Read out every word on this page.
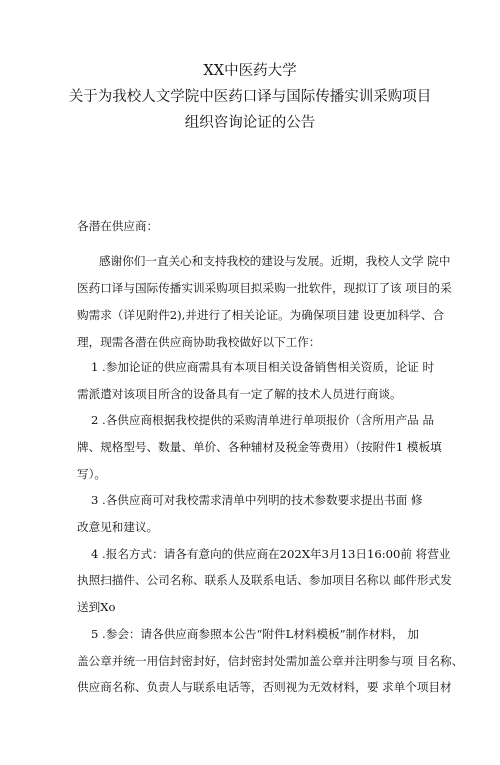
XX中医药大学
关于为我校人文学院中医药口译与国际传播实训采购项目
组织咨询论证的公告
各潜在供应商：
感谢你们一直关心和支持我校的建设与发展。近期，我校人文学 院中
医药口译与国际传播实训采购项目拟采购一批软件，现拟订了该 项目的采
购需求（详见附件2),并进行了相关论证。为确保项目建 设更加科学、合
理，现需各潜在供应商协助我校做好以下工作：
1 .参加论证的供应商需具有本项目相关设备销售相关资质，论证 时
需派遣对该项目所含的设备具有一定了解的技术人员进行商谈。
2 .各供应商根据我校提供的采购清单进行单项报价（含所用产品 品
牌、规格型号、数量、单价、各种辅材及税金等费用）（按附件1 模板填
写）。
3 .各供应商可对我校需求清单中列明的技术参数要求提出书面 修
改意见和建议。
4 .报名方式：请各有意向的供应商在202X年3月13日16:00前 将营业
执照扫描件、公司名称、联系人及联系电话、参加项目名称以 邮件形式发
送到Xo
5 .参会：请各供应商参照本公告“附件L材料模板”制作材料， 加
盖公章并统一用信封密封好，信封密封处需加盖公章并注明参与项 目名称、
供应商名称、负责人与联系电话等，否则视为无效材料，要 求单个项目材
